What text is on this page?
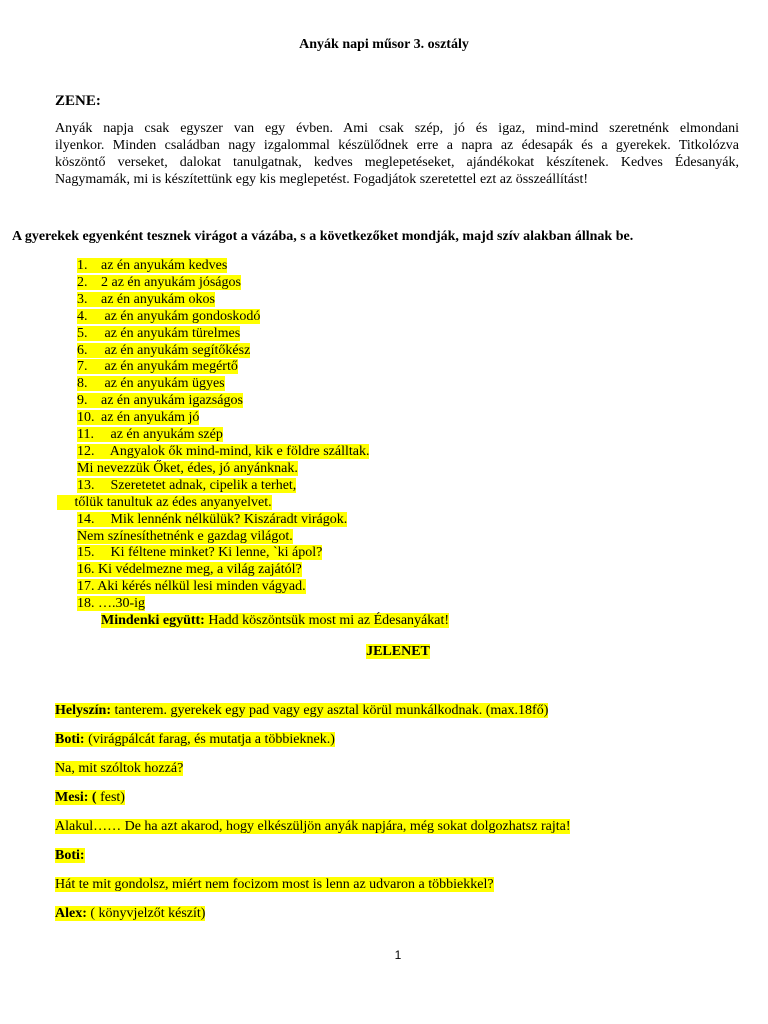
Anyák napi műsor 3. osztály
ZENE:
Anyák napja csak egyszer van egy évben. Ami csak szép, jó és igaz, mind-mind szeretnénk elmondani
ilyenkor. Minden családban nagy izgalommal készülődnek erre a napra az édesapák és a gyerekek. Titkolózva
köszöntő verseket, dalokat tanulgatnak, kedves meglepetéseket, ajándékokat készítenek. Kedves Édesanyák,
Nagymamák, mi is készítettünk egy kis meglepetést. Fogadjátok szeretettel ezt az összeállítást!
A gyerekek egyenként tesznek virágot a vázába, s a következőket mondják, majd szív alakban állnak be.
1. az én anyukám kedves
2. 2 az én anyukám jóságos
3. az én anyukám okos
4. az én anyukám gondoskodó
5. az én anyukám türelmes
6. az én anyukám segítőkész
7. az én anyukám megértő
8. az én anyukám ügyes
9. az én anyukám igazságos
10. az én anyukám jó
11. az én anyukám szép
12. Angyalok ők mind-mind, kik e földre szálltak.
Mi nevezzük Őket, édes, jó anyánknak.
13. Szeretetet adnak, cipelik a terhet,
tőlük tanultuk az édes anyanyelvet.
14. Mik lennénk nélkülük? Kiszáradt virágok.
Nem színesíthetnénk e gazdag világot.
15. Ki féltene minket? Ki lenne, `ki ápol?
16. Ki védelmezne meg, a világ zajától?
17. Aki kérés nélkül lesi minden vágyad.
18. ….30-ig
Mindenki együtt: Hadd köszöntsük most mi az Édesanyákat!
JELENET
Helyszín: tanterem. gyerekek egy pad vagy egy asztal körül munkálkodnak. (max.18fő)
Boti: (virágpálcát farag, és mutatja a többieknek.)
Na, mit szóltok hozzá?
Mesi: ( fest)
Alakul…… De ha azt akarod, hogy elkészüljön anyák napjára, még sokat dolgozhatsz rajta!
Boti:
Hát te mit gondolsz, miért nem focizom most is lenn az udvaron a többiekkel?
Alex: ( könyvjelzőt készít)
1
